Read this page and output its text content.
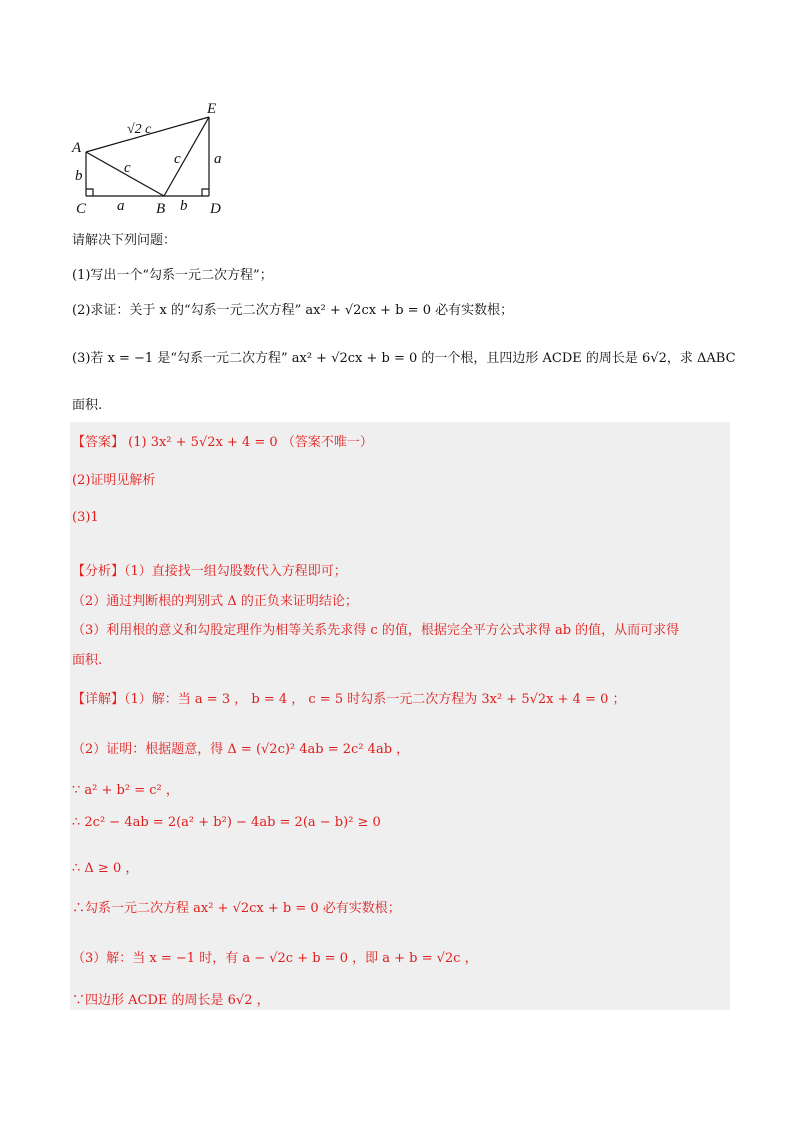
A
E
C	B	D
√2 c
c
c
b
a	b
a
请解决下列问题：
(1)写出一个“勾系一元二次方程”；
(2)求证：关于 x 的“勾系一元二次方程” ax² + √2cx + b = 0 必有实数根；
(3)若 x = −1 是“勾系一元二次方程” ax² + √2cx + b = 0 的一个根，且四边形 ACDE 的周长是 6√2，求 ΔABC
面积.
【答案】 (1) 3x² + 5√2x + 4 = 0 （答案不唯一）
(2)证明见解析
(3)1
【分析】（1）直接找一组勾股数代入方程即可；
（2）通过判断根的判别式 Δ 的正负来证明结论；
（3）利用根的意义和勾股定理作为相等关系先求得 c 的值，根据完全平方公式求得 ab 的值，从而可求得
面积.
【详解】（1）解：当 a = 3 ， b = 4 ， c = 5 时勾系一元二次方程为 3x² + 5√2x + 4 = 0 ；
（2）证明：根据题意，得 Δ = (√2c)² 4ab = 2c² 4ab ，
∵ a² + b² = c² ，
∴ 2c² − 4ab = 2(a² + b²) − 4ab = 2(a − b)² ≥ 0
∴ Δ ≥ 0 ，
∴勾系一元二次方程 ax² + √2cx + b = 0 必有实数根；
（3）解：当 x = −1 时，有 a − √2c + b = 0 ，即 a + b = √2c ，
∵四边形 ACDE 的周长是 6√2 ，
